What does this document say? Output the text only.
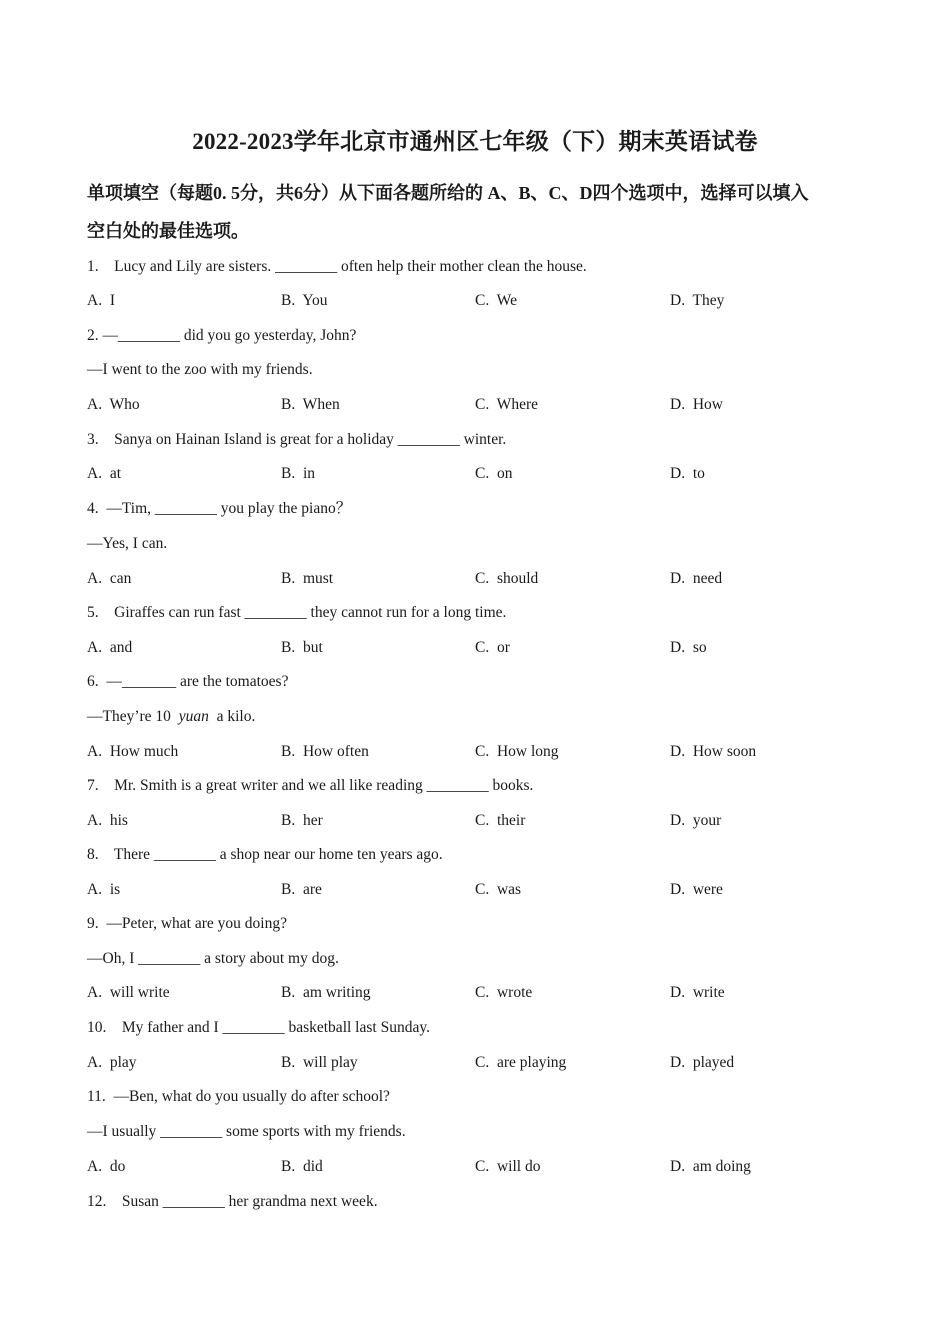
2022-2023学年北京市通州区七年级（下）期末英语试卷
单项填空（每题0. 5分，共6分）从下面各题所给的 A、B、C、D四个选项中，选择可以填入
空白处的最佳选项。
1.    Lucy and Lily are sisters. ________ often help their mother clean the house.
A.  I	B.  You	C.  We	D.  They
2. —________ did you go yesterday, John?
—I went to the zoo with my friends.
A.  Who	B.  When	C.  Where	D.  How
3.    Sanya on Hainan Island is great for a holiday ________ winter.
A.  at	B.  in	C.  on	D.  to
4.  —Tim, ________ you play the piano？
—Yes, I can.
A.  can	B.  must	C.  should	D.  need
5.    Giraffes can run fast ________ they cannot run for a long time.
A.  and	B.  but	C.  or	D.  so
6.  —_______ are the tomatoes?
—They’re 10  yuan  a kilo.
A.  How much	B.  How often	C.  How long	D.  How soon
7.    Mr. Smith is a great writer and we all like reading ________ books.
A.  his	B.  her	C.  their	D.  your
8.    There ________ a shop near our home ten years ago.
A.  is	B.  are	C.  was	D.  were
9.  —Peter, what are you doing?
—Oh, I ________ a story about my dog.
A.  will write	B.  am writing	C.  wrote	D.  write
10.    My father and I ________ basketball last Sunday.
A.  play	B.  will play	C.  are playing	D.  played
11.  —Ben, what do you usually do after school?
—I usually ________ some sports with my friends.
A.  do	B.  did	C.  will do	D.  am doing
12.    Susan ________ her grandma next week.
